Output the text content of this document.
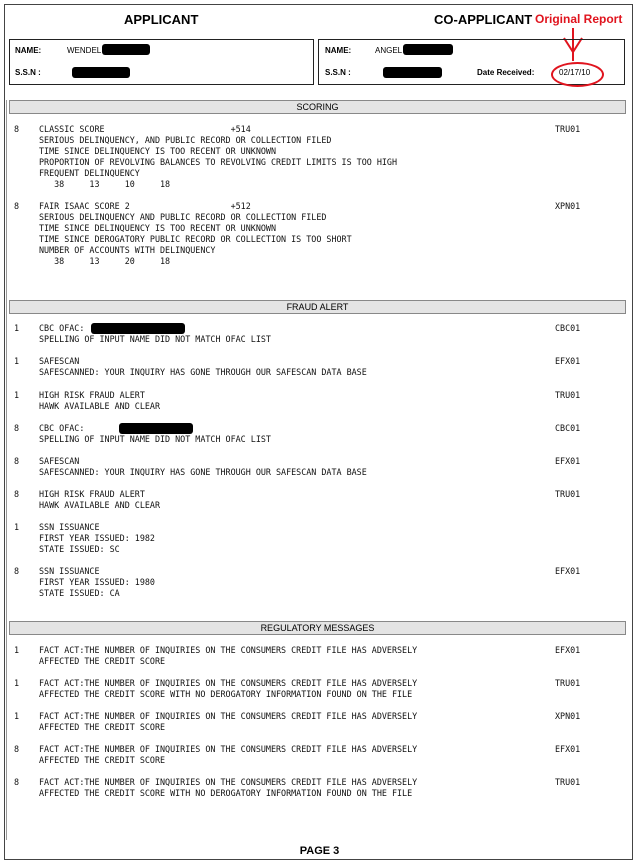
APPLICANT	CO-APPLICANT Original Report
NAME:	WENDEL
S.S.N :
NAME:	ANGEL
S.S.N :	Date Received:	02/17/10
SCORING
FRAUD ALERT
REGULATORY MESSAGES
8	CLASSIC SCORE                         +514
SERIOUS DELINQUENCY, AND PUBLIC RECORD OR COLLECTION FILED
TIME SINCE DELINQUENCY IS TOO RECENT OR UNKNOWN
PROPORTION OF REVOLVING BALANCES TO REVOLVING CREDIT LIMITS IS TOO HIGH
FREQUENT DELINQUENCY
38     13     10     18
TRU01
8	FAIR ISAAC SCORE 2                    +512
SERIOUS DELINQUENCY AND PUBLIC RECORD OR COLLECTION FILED
TIME SINCE DELINQUENCY IS TOO RECENT OR UNKNOWN
TIME SINCE DEROGATORY PUBLIC RECORD OR COLLECTION IS TOO SHORT
NUMBER OF ACCOUNTS WITH DELINQUENCY
38     13     20     18
XPN01
1	CBC OFAC:
SPELLING OF INPUT NAME DID NOT MATCH OFAC LIST
CBC01
1	SAFESCAN
SAFESCANNED: YOUR INQUIRY HAS GONE THROUGH OUR SAFESCAN DATA BASE
EFX01
1	HIGH RISK FRAUD ALERT
HAWK AVAILABLE AND CLEAR
TRU01
8	CBC OFAC:
SPELLING OF INPUT NAME DID NOT MATCH OFAC LIST
CBC01
8	SAFESCAN
SAFESCANNED: YOUR INQUIRY HAS GONE THROUGH OUR SAFESCAN DATA BASE
EFX01
8	HIGH RISK FRAUD ALERT
HAWK AVAILABLE AND CLEAR
TRU01
1	SSN ISSUANCE
FIRST YEAR ISSUED: 1982
STATE ISSUED: SC
8	SSN ISSUANCE
FIRST YEAR ISSUED: 1980
STATE ISSUED: CA
EFX01
1	FACT ACT:THE NUMBER OF INQUIRIES ON THE CONSUMERS CREDIT FILE HAS ADVERSELY
AFFECTED THE CREDIT SCORE
EFX01
1	FACT ACT:THE NUMBER OF INQUIRIES ON THE CONSUMERS CREDIT FILE HAS ADVERSELY
AFFECTED THE CREDIT SCORE WITH NO DEROGATORY INFORMATION FOUND ON THE FILE
TRU01
1	FACT ACT:THE NUMBER OF INQUIRIES ON THE CONSUMERS CREDIT FILE HAS ADVERSELY
AFFECTED THE CREDIT SCORE
XPN01
8	FACT ACT:THE NUMBER OF INQUIRIES ON THE CONSUMERS CREDIT FILE HAS ADVERSELY
AFFECTED THE CREDIT SCORE
EFX01
8	FACT ACT:THE NUMBER OF INQUIRIES ON THE CONSUMERS CREDIT FILE HAS ADVERSELY
AFFECTED THE CREDIT SCORE WITH NO DEROGATORY INFORMATION FOUND ON THE FILE
TRU01
PAGE 3
